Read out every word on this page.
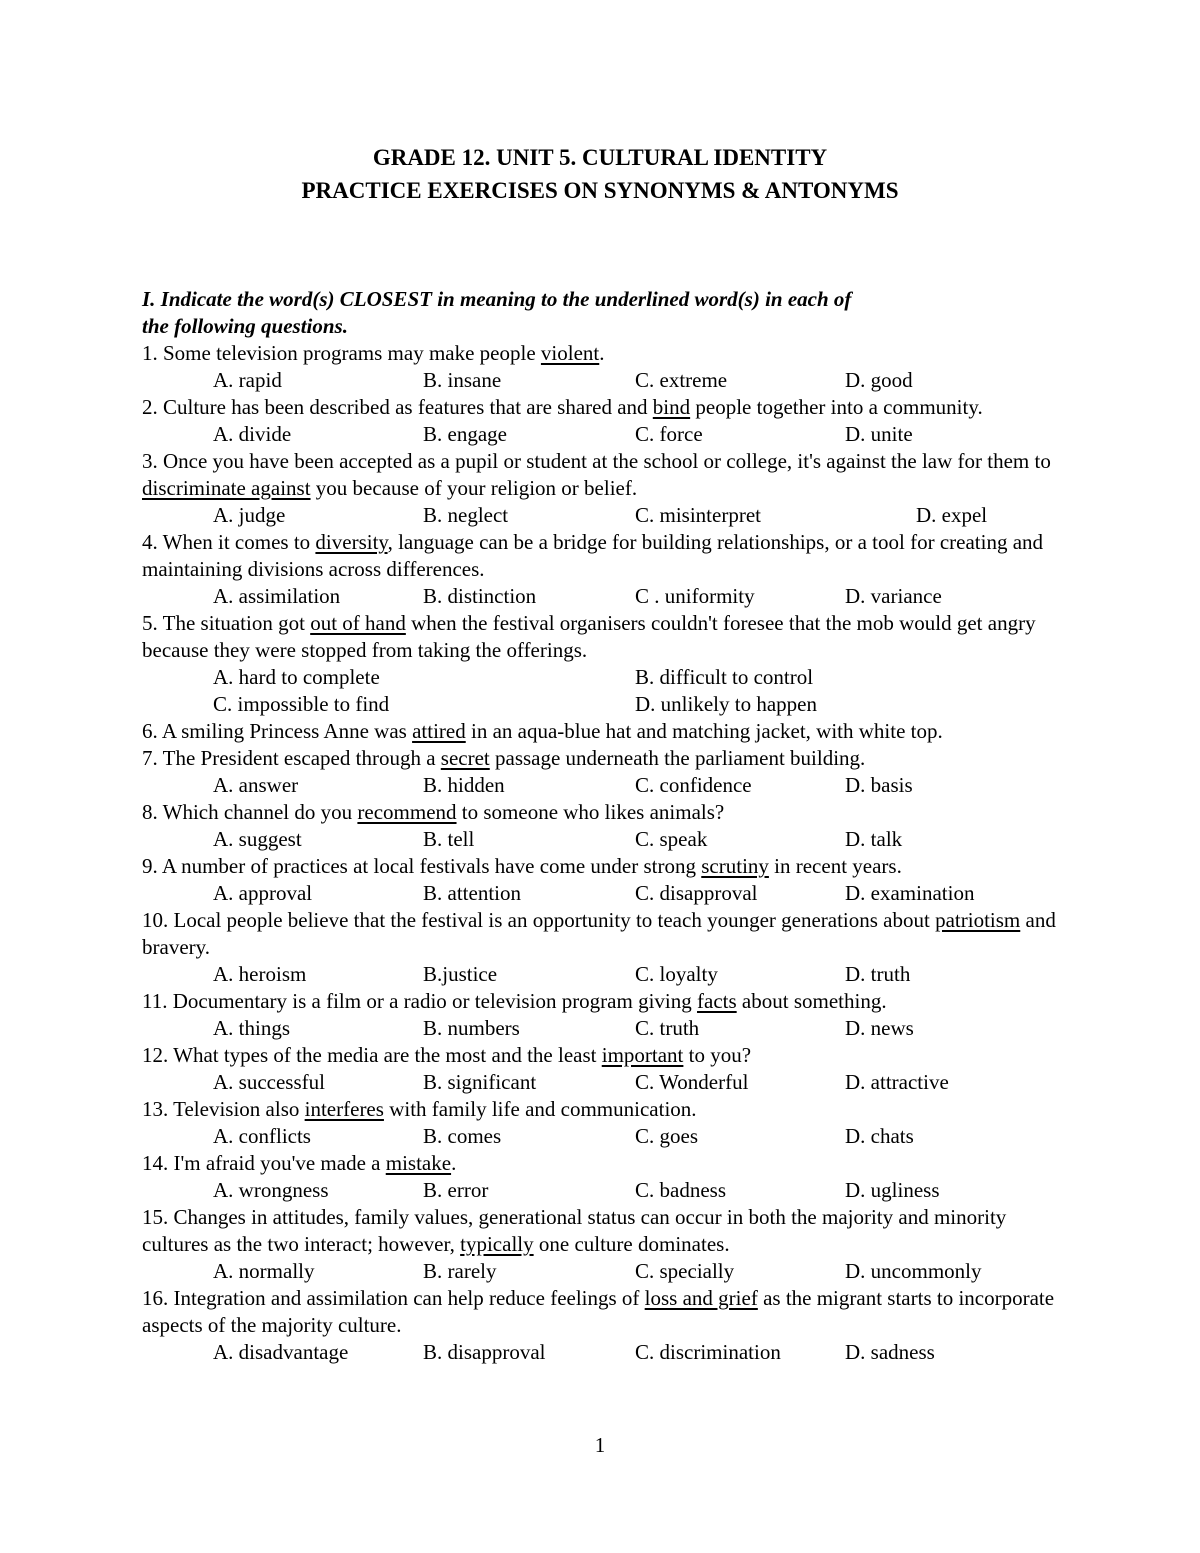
GRADE 12. UNIT 5. CULTURAL IDENTITY
PRACTICE EXERCISES ON SYNONYMS & ANTONYMS
I. Indicate the word(s) CLOSEST in meaning to the underlined word(s) in each of
the following questions.
1. Some television programs may make people violent.
A. rapid	B. insane	C. extreme	D. good
2. Culture has been described as features that are shared and bind people together into a community.
A. divide	B. engage	C. force	D. unite
3. Once you have been accepted as a pupil or student at the school or college, it's against the law for them to discriminate against you because of your religion or belief.
A. judge	B. neglect	C. misinterpret	D. expel
4. When it comes to diversity, language can be a bridge for building relationships, or a tool for creating and maintaining divisions across differences.
A. assimilation	B. distinction	C . uniformity	D. variance
5. The situation got out of hand when the festival organisers couldn't foresee that the mob would get angry because they were stopped from taking the offerings.
A. hard to complete	B. difficult to control
C. impossible to find	D. unlikely to happen
6. A smiling Princess Anne was attired in an aqua-blue hat and matching jacket, with white top.
7. The President escaped through a secret passage underneath the parliament building.
A. answer	B. hidden	C. confidence	D. basis
8. Which channel do you recommend to someone who likes animals?
A. suggest	B. tell	C. speak	D. talk
9. A number of practices at local festivals have come under strong scrutiny in recent years.
A. approval	B. attention	C. disapproval	D. examination
10. Local people believe that the festival is an opportunity to teach younger generations about patriotism and bravery.
A. heroism	B.justice	C. loyalty	D. truth
11. Documentary is a film or a radio or television program giving facts about something.
A. things	B. numbers	C. truth	D. news
12. What types of the media are the most and the least important to you?
A. successful	B. significant	C. Wonderful	D. attractive
13. Television also interferes with family life and communication.
A. conflicts	B. comes	C. goes	D. chats
14. I'm afraid you've made a mistake.
A. wrongness	B. error	C. badness	D. ugliness
15. Changes in attitudes, family values, generational status can occur in both the majority and minority cultures as the two interact; however, typically one culture dominates.
A. normally	B. rarely	C. specially	D. uncommonly
16. Integration and assimilation can help reduce feelings of loss and grief as the migrant starts to incorporate aspects of the majority culture.
A. disadvantage	B. disapproval	C. discrimination	D. sadness
1
